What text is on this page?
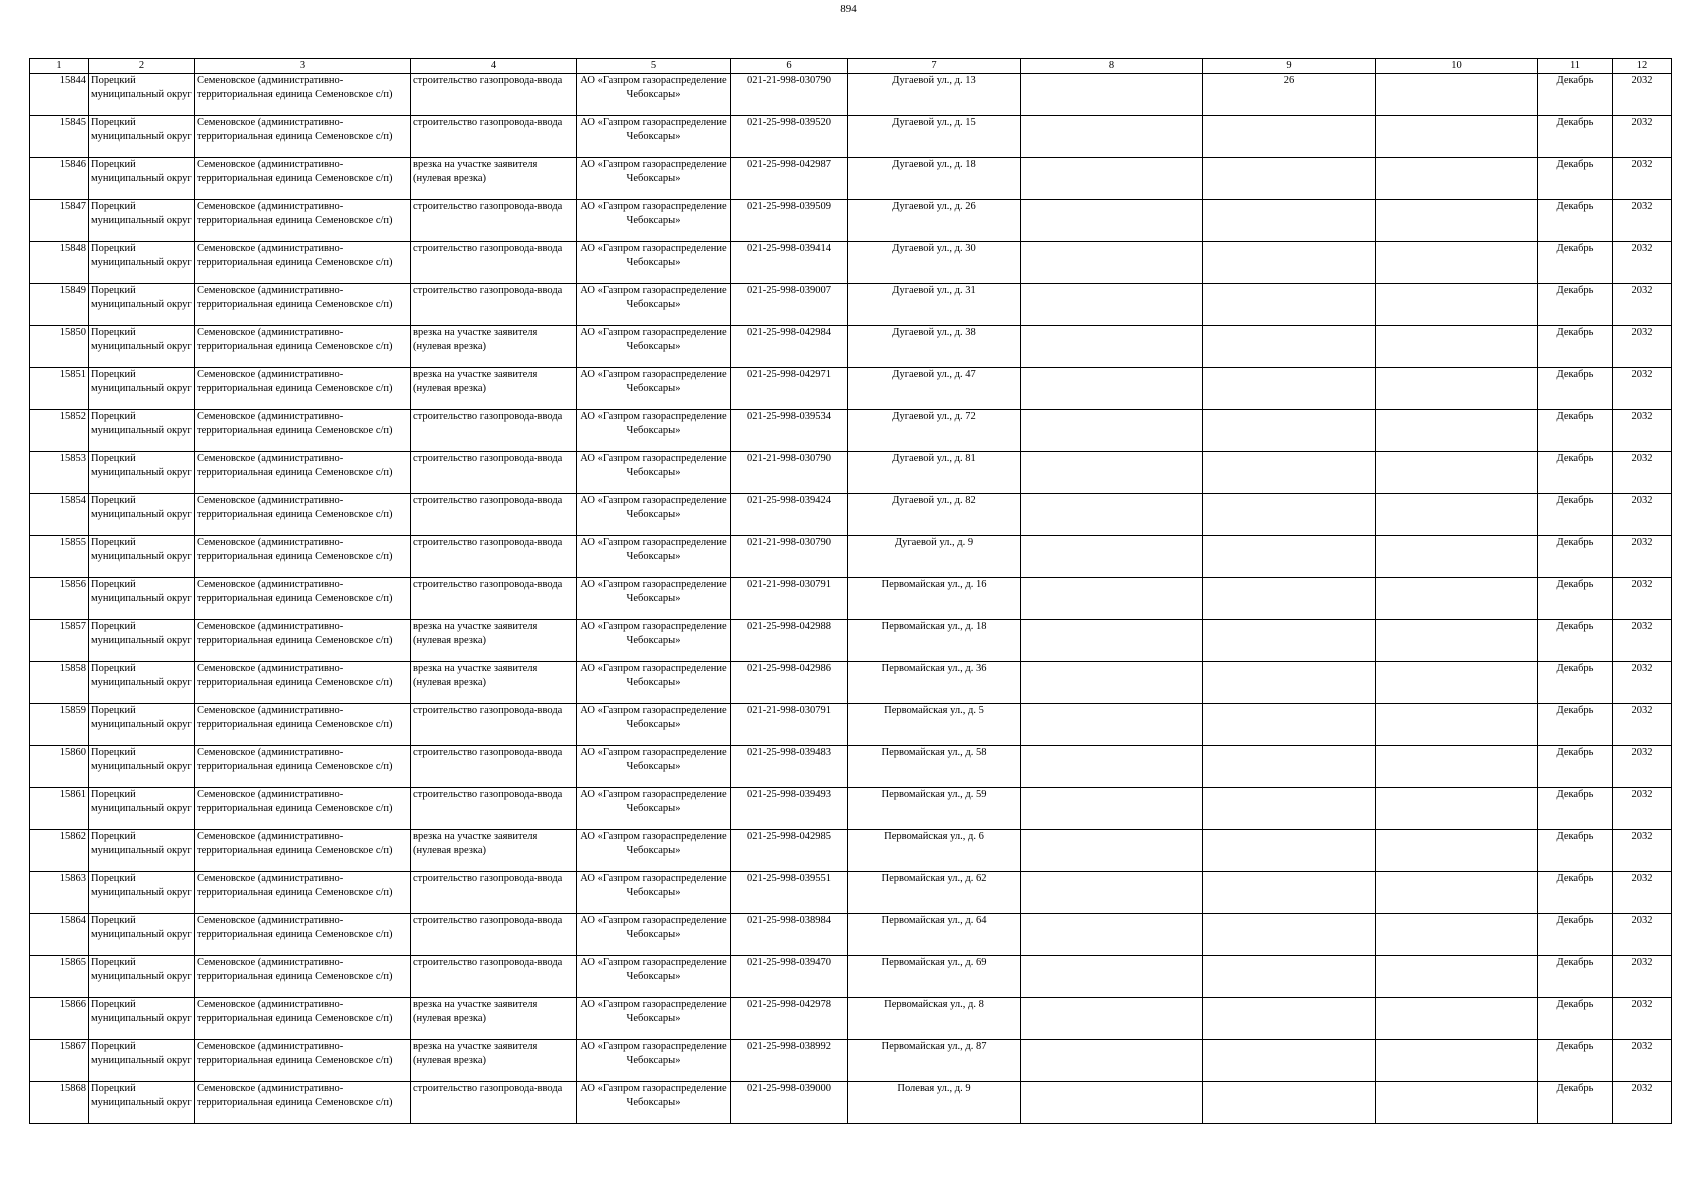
894
1	2	3	4	5	6	7	8	9	10	11	12

15844	Порецкий муниципальный округ	Семеновское (административно-территориальная единица Семеновское с/п)	строительство газопровода-ввода	АО «Газпром газораспределение Чебоксары»	021-21-998-030790	Дугаевой ул., д. 13		26		Декабрь	2032

15845	Порецкий муниципальный округ	Семеновское (административно-территориальная единица Семеновское с/п)	строительство газопровода-ввода	АО «Газпром газораспределение Чебоксары»	021-25-998-039520	Дугаевой ул., д. 15				Декабрь	2032

15846	Порецкий муниципальный округ	Семеновское (административно-территориальная единица Семеновское с/п)	врезка на участке заявителя (нулевая врезка)	АО «Газпром газораспределение Чебоксары»	021-25-998-042987	Дугаевой ул., д. 18				Декабрь	2032

15847	Порецкий муниципальный округ	Семеновское (административно-территориальная единица Семеновское с/п)	строительство газопровода-ввода	АО «Газпром газораспределение Чебоксары»	021-25-998-039509	Дугаевой ул., д. 26				Декабрь	2032

15848	Порецкий муниципальный округ	Семеновское (административно-территориальная единица Семеновское с/п)	строительство газопровода-ввода	АО «Газпром газораспределение Чебоксары»	021-25-998-039414	Дугаевой ул., д. 30				Декабрь	2032

15849	Порецкий муниципальный округ	Семеновское (административно-территориальная единица Семеновское с/п)	строительство газопровода-ввода	АО «Газпром газораспределение Чебоксары»	021-25-998-039007	Дугаевой ул., д. 31				Декабрь	2032

15850	Порецкий муниципальный округ	Семеновское (административно-территориальная единица Семеновское с/п)	врезка на участке заявителя (нулевая врезка)	АО «Газпром газораспределение Чебоксары»	021-25-998-042984	Дугаевой ул., д. 38				Декабрь	2032

15851	Порецкий муниципальный округ	Семеновское (административно-территориальная единица Семеновское с/п)	врезка на участке заявителя (нулевая врезка)	АО «Газпром газораспределение Чебоксары»	021-25-998-042971	Дугаевой ул., д. 47				Декабрь	2032

15852	Порецкий муниципальный округ	Семеновское (административно-территориальная единица Семеновское с/п)	строительство газопровода-ввода	АО «Газпром газораспределение Чебоксары»	021-25-998-039534	Дугаевой ул., д. 72				Декабрь	2032

15853	Порецкий муниципальный округ	Семеновское (административно-территориальная единица Семеновское с/п)	строительство газопровода-ввода	АО «Газпром газораспределение Чебоксары»	021-21-998-030790	Дугаевой ул., д. 81				Декабрь	2032

15854	Порецкий муниципальный округ	Семеновское (административно-территориальная единица Семеновское с/п)	строительство газопровода-ввода	АО «Газпром газораспределение Чебоксары»	021-25-998-039424	Дугаевой ул., д. 82				Декабрь	2032

15855	Порецкий муниципальный округ	Семеновское (административно-территориальная единица Семеновское с/п)	строительство газопровода-ввода	АО «Газпром газораспределение Чебоксары»	021-21-998-030790	Дугаевой ул., д. 9				Декабрь	2032

15856	Порецкий муниципальный округ	Семеновское (административно-территориальная единица Семеновское с/п)	строительство газопровода-ввода	АО «Газпром газораспределение Чебоксары»	021-21-998-030791	Первомайская ул., д. 16				Декабрь	2032

15857	Порецкий муниципальный округ	Семеновское (административно-территориальная единица Семеновское с/п)	врезка на участке заявителя (нулевая врезка)	АО «Газпром газораспределение Чебоксары»	021-25-998-042988	Первомайская ул., д. 18				Декабрь	2032

15858	Порецкий муниципальный округ	Семеновское (административно-территориальная единица Семеновское с/п)	врезка на участке заявителя (нулевая врезка)	АО «Газпром газораспределение Чебоксары»	021-25-998-042986	Первомайская ул., д. 36				Декабрь	2032

15859	Порецкий муниципальный округ	Семеновское (административно-территориальная единица Семеновское с/п)	строительство газопровода-ввода	АО «Газпром газораспределение Чебоксары»	021-21-998-030791	Первомайская ул., д. 5				Декабрь	2032

15860	Порецкий муниципальный округ	Семеновское (административно-территориальная единица Семеновское с/п)	строительство газопровода-ввода	АО «Газпром газораспределение Чебоксары»	021-25-998-039483	Первомайская ул., д. 58				Декабрь	2032

15861	Порецкий муниципальный округ	Семеновское (административно-территориальная единица Семеновское с/п)	строительство газопровода-ввода	АО «Газпром газораспределение Чебоксары»	021-25-998-039493	Первомайская ул., д. 59				Декабрь	2032

15862	Порецкий муниципальный округ	Семеновское (административно-территориальная единица Семеновское с/п)	врезка на участке заявителя (нулевая врезка)	АО «Газпром газораспределение Чебоксары»	021-25-998-042985	Первомайская ул., д. 6				Декабрь	2032

15863	Порецкий муниципальный округ	Семеновское (административно-территориальная единица Семеновское с/п)	строительство газопровода-ввода	АО «Газпром газораспределение Чебоксары»	021-25-998-039551	Первомайская ул., д. 62				Декабрь	2032

15864	Порецкий муниципальный округ	Семеновское (административно-территориальная единица Семеновское с/п)	строительство газопровода-ввода	АО «Газпром газораспределение Чебоксары»	021-25-998-038984	Первомайская ул., д. 64				Декабрь	2032

15865	Порецкий муниципальный округ	Семеновское (административно-территориальная единица Семеновское с/п)	строительство газопровода-ввода	АО «Газпром газораспределение Чебоксары»	021-25-998-039470	Первомайская ул., д. 69				Декабрь	2032

15866	Порецкий муниципальный округ	Семеновское (административно-территориальная единица Семеновское с/п)	врезка на участке заявителя (нулевая врезка)	АО «Газпром газораспределение Чебоксары»	021-25-998-042978	Первомайская ул., д. 8				Декабрь	2032

15867	Порецкий муниципальный округ	Семеновское (административно-территориальная единица Семеновское с/п)	врезка на участке заявителя (нулевая врезка)	АО «Газпром газораспределение Чебоксары»	021-25-998-038992	Первомайская ул., д. 87				Декабрь	2032

15868	Порецкий муниципальный округ	Семеновское (административно-территориальная единица Семеновское с/п)	строительство газопровода-ввода	АО «Газпром газораспределение Чебоксары»	021-25-998-039000	Полевая ул., д. 9				Декабрь	2032
